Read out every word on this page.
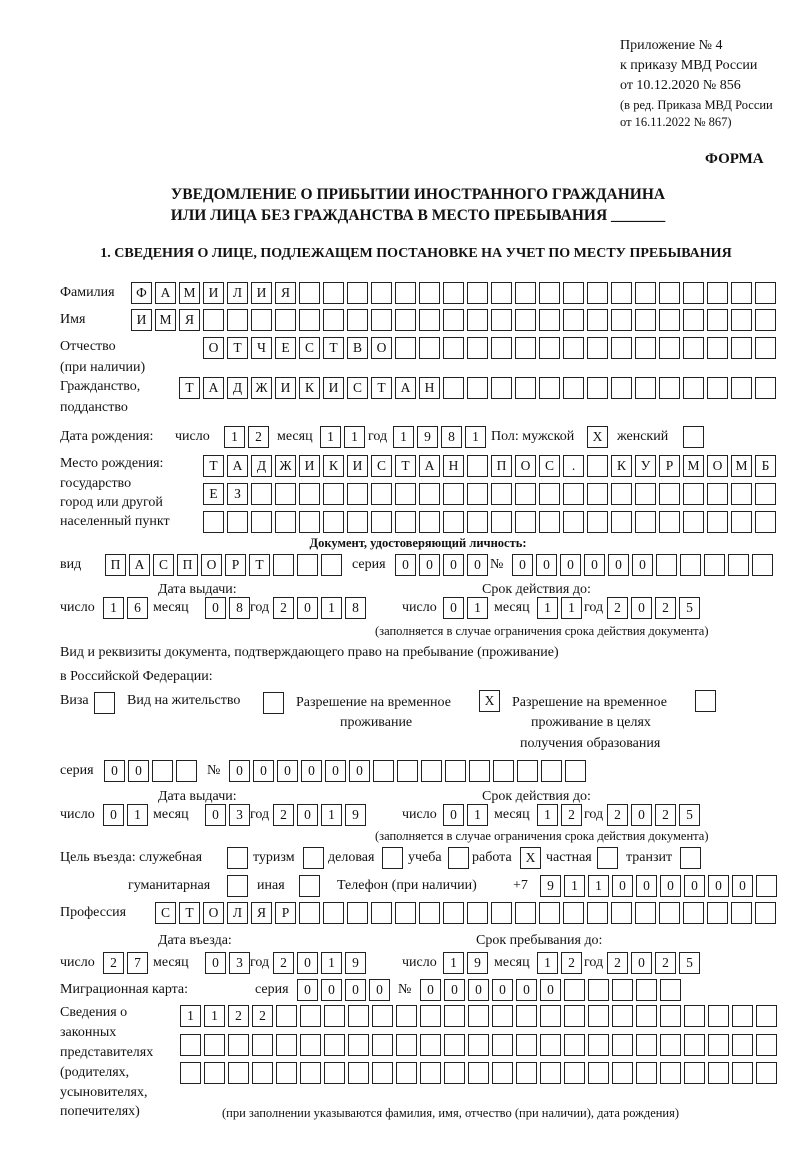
Приложение № 4
к приказу МВД России
от 10.12.2020 № 856
(в ред. Приказа МВД России
от 16.11.2022 № 867)
ФОРМА
УВЕДОМЛЕНИЕ О ПРИБЫТИИ ИНОСТРАННОГО ГРАЖДАНИНА
ИЛИ ЛИЦА БЕЗ ГРАЖДАНСТВА В МЕСТО ПРЕБЫВАНИЯ _______
1. СВЕДЕНИЯ О ЛИЦЕ, ПОДЛЕЖАЩЕМ ПОСТАНОВКЕ НА УЧЕТ ПО МЕСТУ ПРЕБЫВАНИЯ
Фамилия	Ф	А М И	Л	И	Я
Имя	И М Я
Отчество
(при наличии)
О	Т	Ч	Е	С	Т	В	О
Гражданство,
подданство
Т	А	Д Ж И	К	И	С	Т	А	Н
Дата рождения: число	1	2	месяц	1	1 год 1	9	8	1 Пол: мужской	X	женский
Место рождения:
государство
город или другой
населенный пункт
Т	А	Д Ж И	К	И	С	Т	А	Н	П	О	С	.	К	У	Р	М О М	Б
Е	З
Документ, удостоверяющий личность:
вид	П	А	С	П	О	Р	Т	серия	0	0	0	0 №	0	0	0	0	0	0
Дата выдачи:	Срок действия до:
число	1	6 месяц	0	8 год 2	0	1	8	число 0	1 месяц	1	1 год 2	0	2	5
(заполняется в случае ограничения срока действия документа)
Вид и реквизиты документа, подтверждающего право на пребывание (проживание)
в Российской Федерации:
Виза	Вид на жительство	Разрешение на временное
проживание
X	Разрешение на временное
проживание в целях
получения образования
серия	0	0	№	0	0	0	0	0	0
Дата выдачи:	Срок действия до:
число	0	1 месяц	0	3 год 2	0	1	9	число 0	1 месяц	1	2 год 2	0	2	5
(заполняется в случае ограничения срока действия документа)
Цель въезда: служебная	туризм деловая учеба работа	X частная транзит
гуманитарная	иная	Телефон (при наличии)	+7	9	1	1	0	0	0	0	0	0
Профессия	С	Т	О	Л	Я	Р
Дата въезда:	Срок пребывания до:
число	2	7 месяц	0	3 год 2	0	1	9	число 1	9 месяц	1	2 год 2	0	2	5
Миграционная карта:	серия	0	0	0	0	№	0	0	0	0	0	0
Сведения о
законных
представителях
(родителях,
усыновителях,
попечителях)
1	1	2	2
(при заполнении указываются фамилия, имя, отчество (при наличии), дата рождения)
